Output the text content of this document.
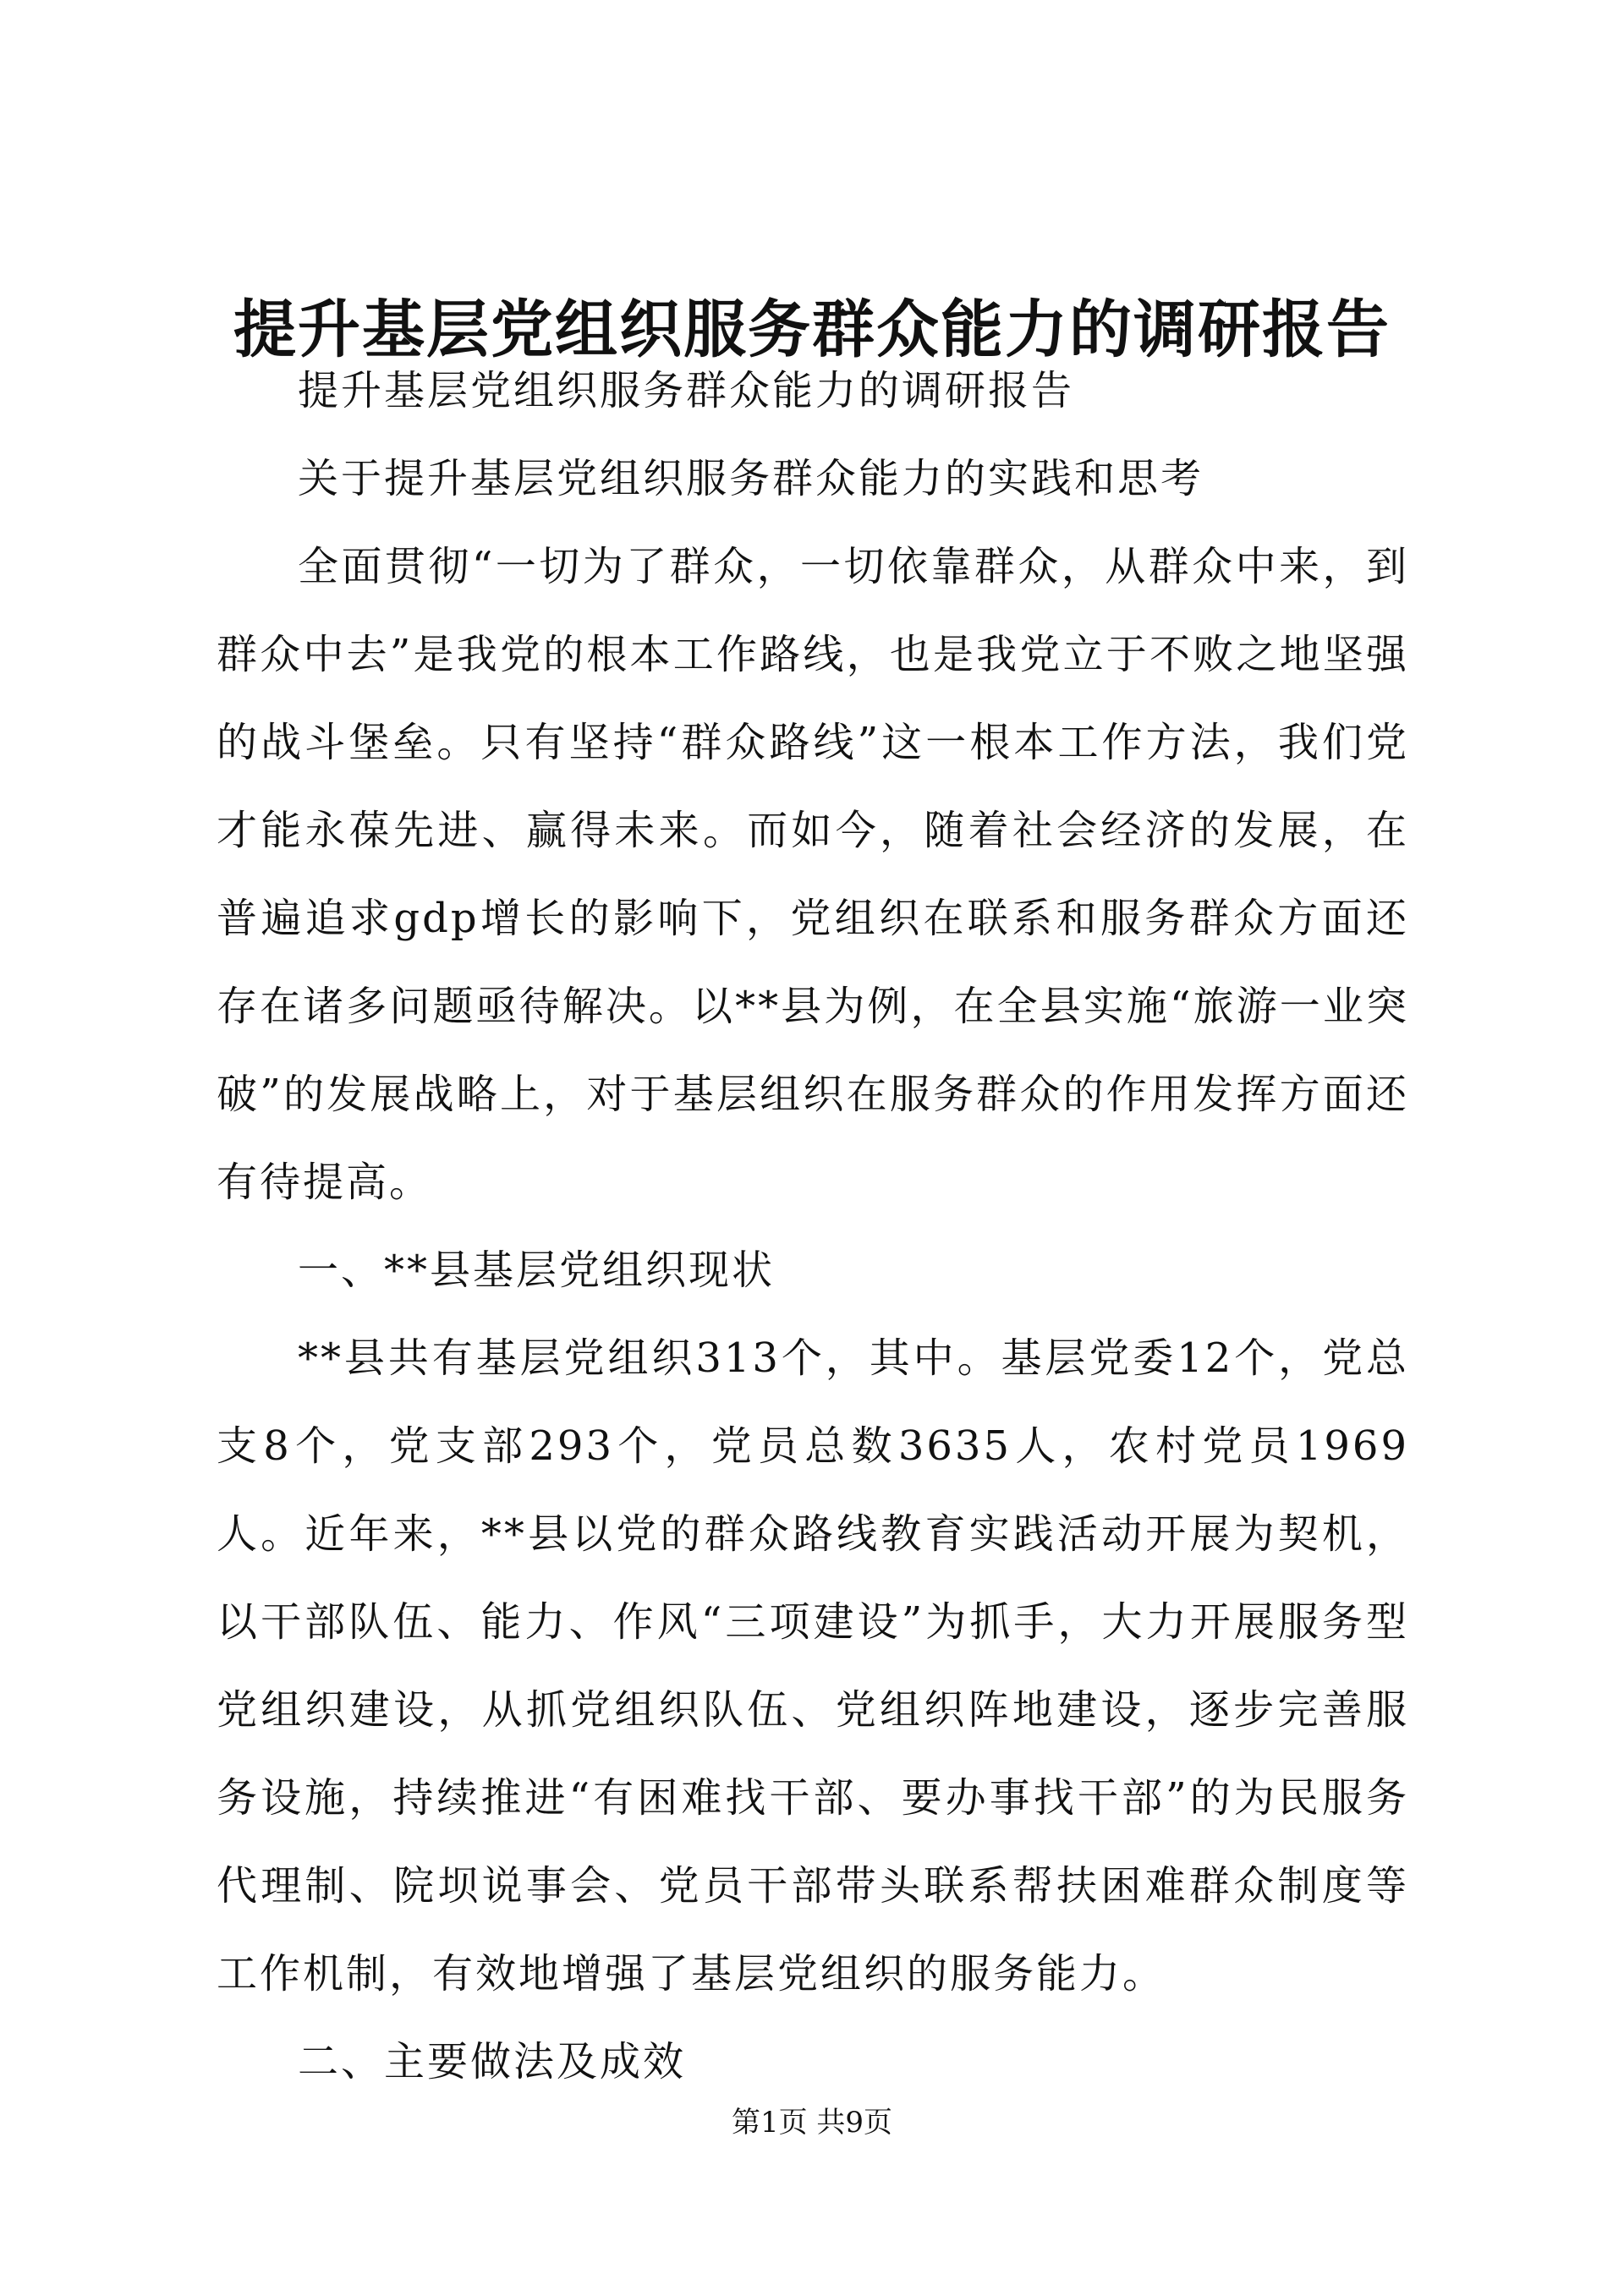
提升基层党组织服务群众能力的调研报告

提升基层党组织服务群众能力的调研报告

关于提升基层党组织服务群众能力的实践和思考

全面贯彻“一切为了群众，一切依靠群众，从群众中来，到群众中去”是我党的根本工作路线，也是我党立于不败之地坚强的战斗堡垒。只有坚持“群众路线”这一根本工作方法，我们党才能永葆先进、赢得未来。而如今，随着社会经济的发展，在普遍追求gdp增长的影响下，党组织在联系和服务群众方面还存在诸多问题亟待解决。以**县为例，在全县实施“旅游一业突破”的发展战略上，对于基层组织在服务群众的作用发挥方面还有待提高。

一、**县基层党组织现状

**县共有基层党组织313个，其中。基层党委12个，党总支8个，党支部293个，党员总数3635人，农村党员1969人。近年来，**县以党的群众路线教育实践活动开展为契机，以干部队伍、能力、作风“三项建设”为抓手，大力开展服务型党组织建设，从抓党组织队伍、党组织阵地建设，逐步完善服务设施，持续推进“有困难找干部、要办事找干部”的为民服务代理制、院坝说事会、党员干部带头联系帮扶困难群众制度等工作机制，有效地增强了基层党组织的服务能力。

二、主要做法及成效

第1页 共9页
